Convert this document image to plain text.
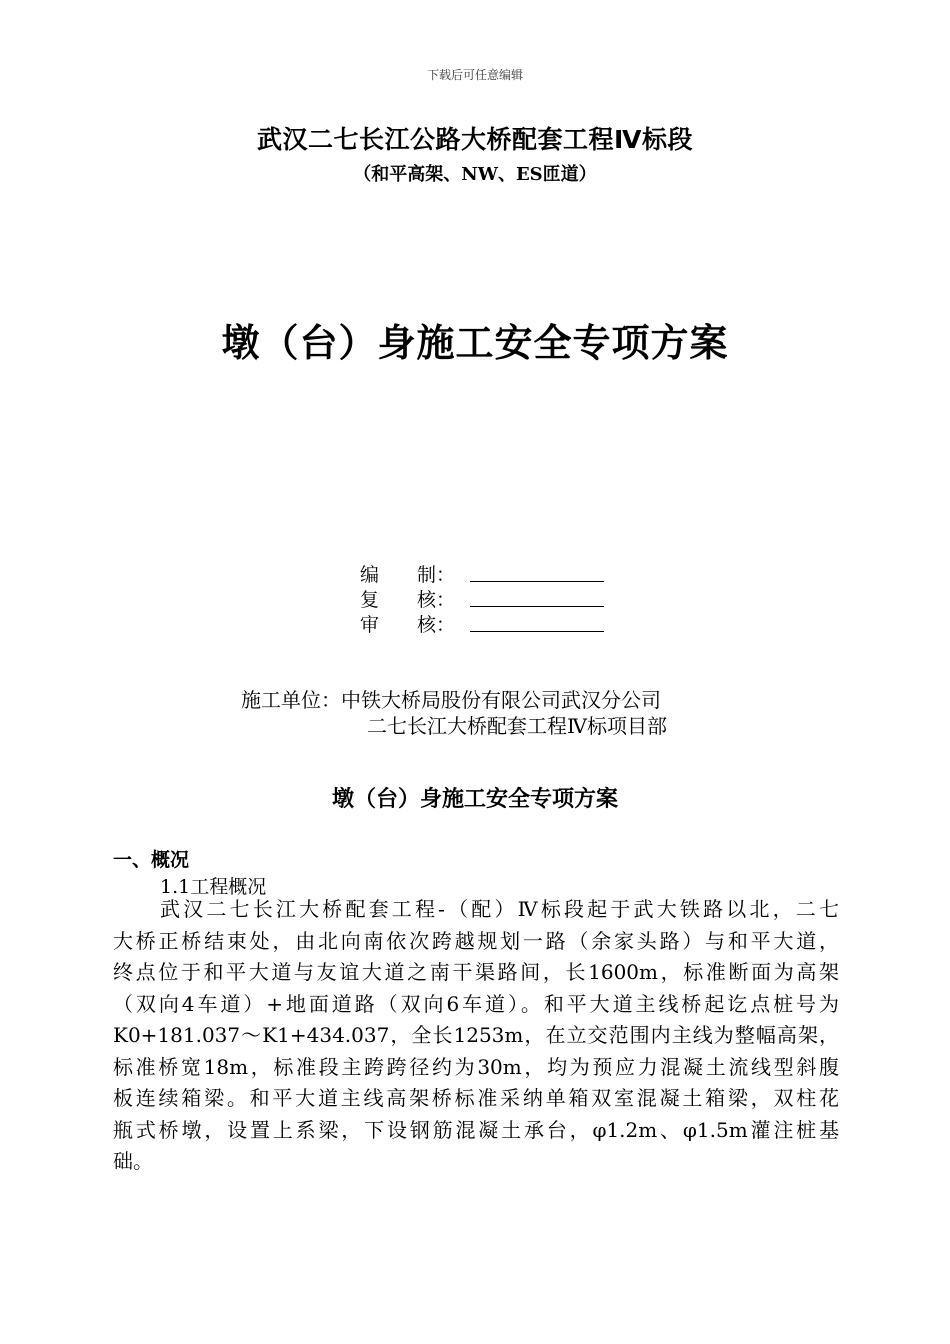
下载后可任意编辑
武汉二七长江公路大桥配套工程Ⅳ标段
（和平高架、NW、ES匝道）
墩（台）身施工安全专项方案
编　　制：
复　　核：
审　　核：
施工单位：中铁大桥局股份有限公司武汉分公司
二七长江大桥配套工程Ⅳ标项目部
墩（台）身施工安全专项方案
一、概况
1.1工程概况
武汉二七长江大桥配套工程-（配）Ⅳ标段起于武大铁路以北，二七
大桥正桥结束处，由北向南依次跨越规划一路（余家头路）与和平大道，
终点位于和平大道与友谊大道之南干渠路间，长1600m，标准断面为高架
（双向4车道）+地面道路（双向6车道）。和平大道主线桥起讫点桩号为
K0+181.037～K1+434.037，全长1253m，在立交范围内主线为整幅高架，
标准桥宽18m，标准段主跨跨径约为30m，均为预应力混凝土流线型斜腹
板连续箱梁。和平大道主线高架桥标准采纳单箱双室混凝土箱梁，双柱花
瓶式桥墩，设置上系梁，下设钢筋混凝土承台，φ1.2m、φ1.5m灌注桩基
础。
